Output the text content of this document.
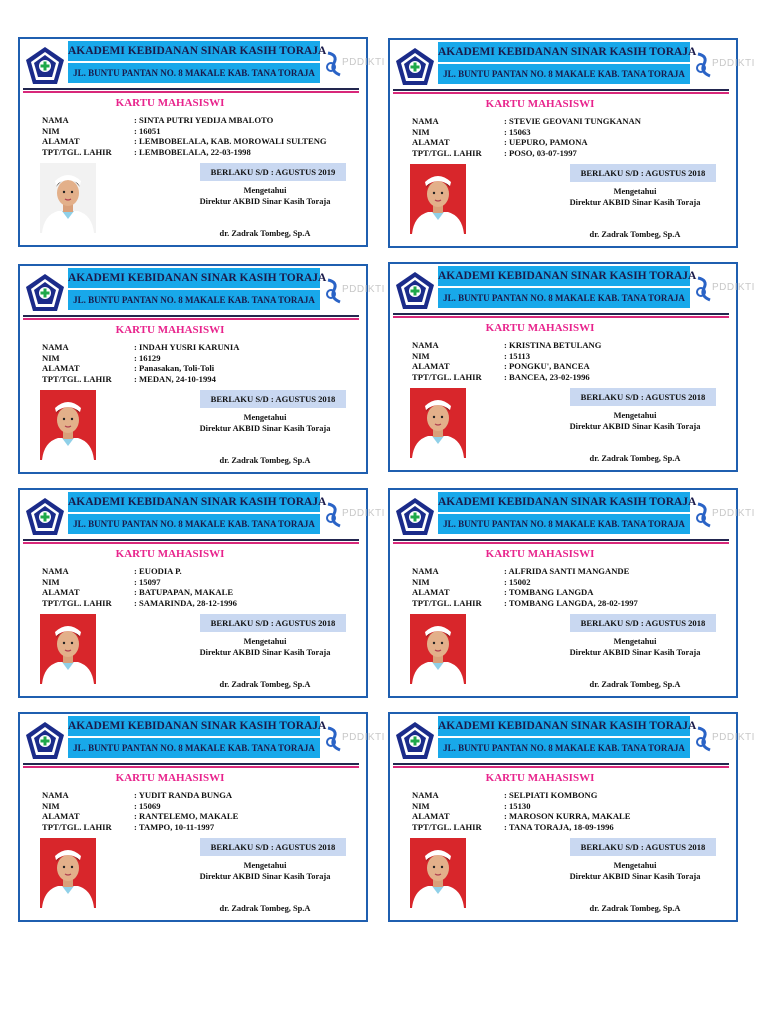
AKADEMI KEBIDANAN SINAR KASIH TORAJA
JL. BUNTU PANTAN NO. 8 MAKALE KAB. TANA TORAJA
PDDIKTI
KARTU MAHASISWI
NAMA	: SINTA PUTRI YEDIJA MBALOTO
NIM	: 16051
ALAMAT	: LEMBOBELALA, KAB. MOROWALI SULTENG
TPT/TGL. LAHIR	: LEMBOBELALA, 22-03-1998
BERLAKU S/D : AGUSTUS 2019
Mengetahui
Direktur AKBID Sinar Kasih Toraja
dr. Zadrak Tombeg, Sp.A
AKADEMI KEBIDANAN SINAR KASIH TORAJA
JL. BUNTU PANTAN NO. 8 MAKALE KAB. TANA TORAJA
PDDIKTI
KARTU MAHASISWI
NAMA	: STEVIE GEOVANI TUNGKANAN
NIM	: 15063
ALAMAT	: UEPURO, PAMONA
TPT/TGL. LAHIR	: POSO, 03-07-1997
BERLAKU S/D : AGUSTUS 2018
Mengetahui
Direktur AKBID Sinar Kasih Toraja
dr. Zadrak Tombeg, Sp.A
AKADEMI KEBIDANAN SINAR KASIH TORAJA
JL. BUNTU PANTAN NO. 8 MAKALE KAB. TANA TORAJA
PDDIKTI
KARTU MAHASISWI
NAMA	: INDAH YUSRI KARUNIA
NIM	: 16129
ALAMAT	: Panasakan, Toli-Toli
TPT/TGL. LAHIR	: MEDAN, 24-10-1994
BERLAKU S/D : AGUSTUS 2018
Mengetahui
Direktur AKBID Sinar Kasih Toraja
dr. Zadrak Tombeg, Sp.A
AKADEMI KEBIDANAN SINAR KASIH TORAJA
JL. BUNTU PANTAN NO. 8 MAKALE KAB. TANA TORAJA
PDDIKTI
KARTU MAHASISWI
NAMA	: KRISTINA BETULANG
NIM	: 15113
ALAMAT	: PONGKU', BANCEA
TPT/TGL. LAHIR	: BANCEA, 23-02-1996
BERLAKU S/D : AGUSTUS 2018
Mengetahui
Direktur AKBID Sinar Kasih Toraja
dr. Zadrak Tombeg, Sp.A
AKADEMI KEBIDANAN SINAR KASIH TORAJA
JL. BUNTU PANTAN NO. 8 MAKALE KAB. TANA TORAJA
PDDIKTI
KARTU MAHASISWI
NAMA	: EUODIA P.
NIM	: 15097
ALAMAT	: BATUPAPAN, MAKALE
TPT/TGL. LAHIR	: SAMARINDA, 28-12-1996
BERLAKU S/D : AGUSTUS 2018
Mengetahui
Direktur AKBID Sinar Kasih Toraja
dr. Zadrak Tombeg, Sp.A
AKADEMI KEBIDANAN SINAR KASIH TORAJA
JL. BUNTU PANTAN NO. 8 MAKALE KAB. TANA TORAJA
PDDIKTI
KARTU MAHASISWI
NAMA	: ALFRIDA SANTI MANGANDE
NIM	: 15002
ALAMAT	: TOMBANG LANGDA
TPT/TGL. LAHIR	: TOMBANG LANGDA, 28-02-1997
BERLAKU S/D : AGUSTUS 2018
Mengetahui
Direktur AKBID Sinar Kasih Toraja
dr. Zadrak Tombeg, Sp.A
AKADEMI KEBIDANAN SINAR KASIH TORAJA
JL. BUNTU PANTAN NO. 8 MAKALE KAB. TANA TORAJA
PDDIKTI
KARTU MAHASISWI
NAMA	: YUDIT RANDA BUNGA
NIM	: 15069
ALAMAT	: RANTELEMO, MAKALE
TPT/TGL. LAHIR	: TAMPO, 10-11-1997
BERLAKU S/D : AGUSTUS 2018
Mengetahui
Direktur AKBID Sinar Kasih Toraja
dr. Zadrak Tombeg, Sp.A
AKADEMI KEBIDANAN SINAR KASIH TORAJA
JL. BUNTU PANTAN NO. 8 MAKALE KAB. TANA TORAJA
PDDIKTI
KARTU MAHASISWI
NAMA	: SELPIATI KOMBONG
NIM	: 15130
ALAMAT	: MAROSON KURRA, MAKALE
TPT/TGL. LAHIR	: TANA TORAJA, 18-09-1996
BERLAKU S/D : AGUSTUS 2018
Mengetahui
Direktur AKBID Sinar Kasih Toraja
dr. Zadrak Tombeg, Sp.A
